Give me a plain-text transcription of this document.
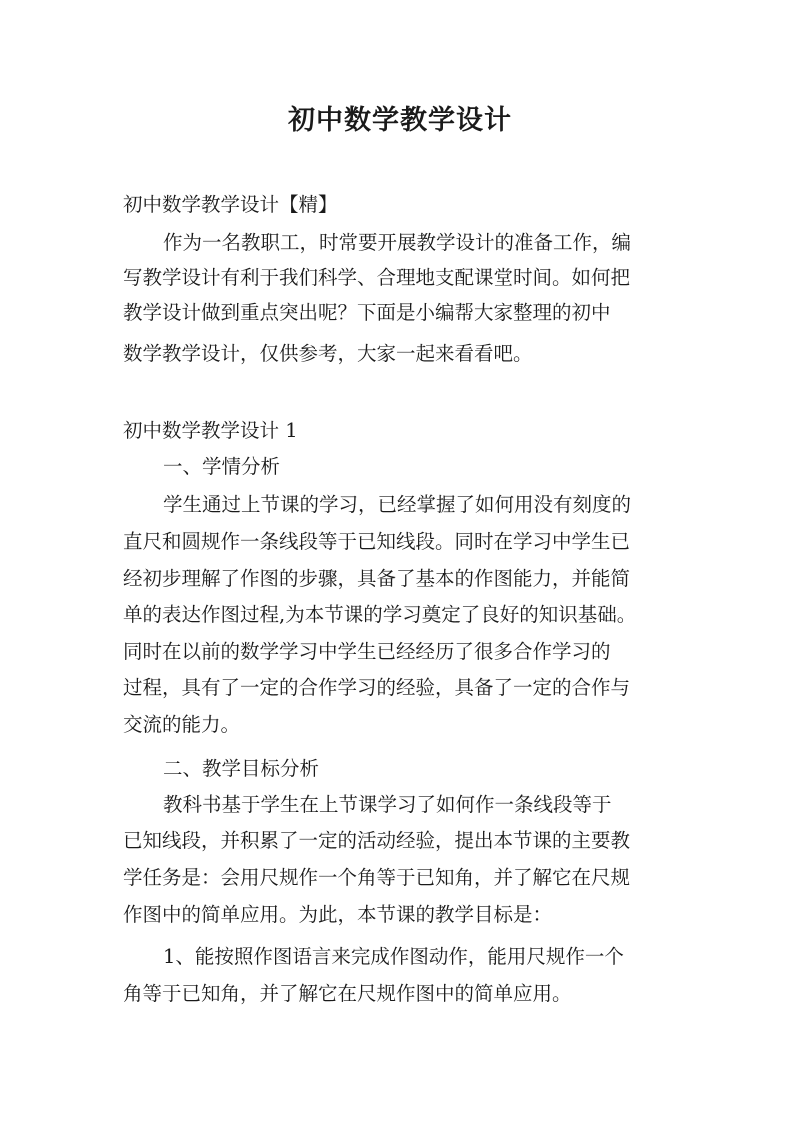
初中数学教学设计

初中数学教学设计【精】

作为一名教职工，时常要开展教学设计的准备工作，编

写教学设计有利于我们科学、合理地支配课堂时间。如何把

教学设计做到重点突出呢？下面是小编帮大家整理的初中

数学教学设计，仅供参考，大家一起来看看吧。

初中数学教学设计 1

一、学情分析

学生通过上节课的学习，已经掌握了如何用没有刻度的

直尺和圆规作一条线段等于已知线段。同时在学习中学生已

经初步理解了作图的步骤，具备了基本的作图能力，并能简

单的表达作图过程,为本节课的学习奠定了良好的知识基础。

同时在以前的数学学习中学生已经经历了很多合作学习的

过程，具有了一定的合作学习的经验，具备了一定的合作与

交流的能力。

二、教学目标分析

教科书基于学生在上节课学习了如何作一条线段等于

已知线段，并积累了一定的活动经验，提出本节课的主要教

学任务是：会用尺规作一个角等于已知角，并了解它在尺规

作图中的简单应用。为此，本节课的教学目标是：

1、能按照作图语言来完成作图动作，能用尺规作一个

角等于已知角，并了解它在尺规作图中的简单应用。
